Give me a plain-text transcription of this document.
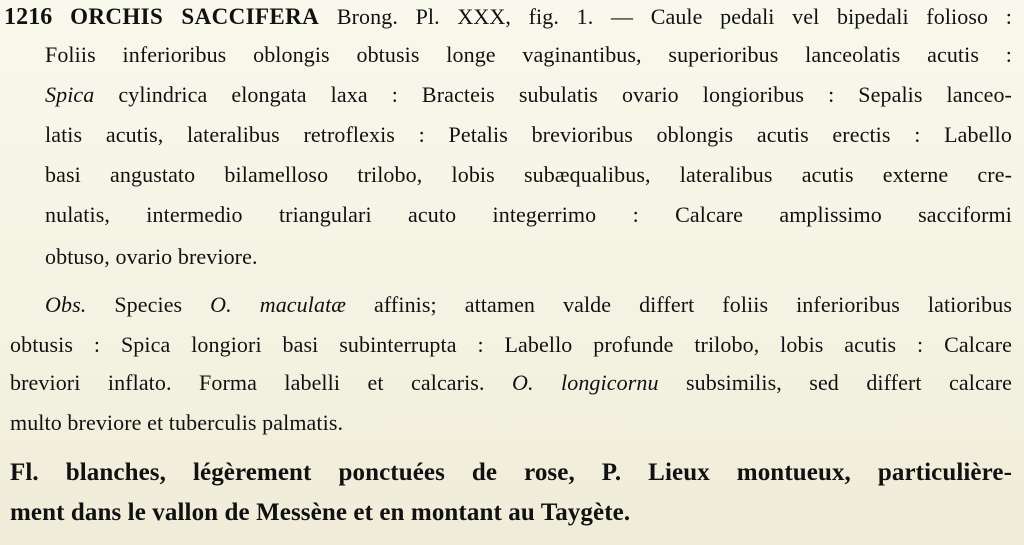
1216 ORCHIS SACCIFERA Brong. Pl. XXX, fig. 1. — Caule pedali vel bipedali folioso :
Foliis inferioribus oblongis obtusis longe vaginantibus, superioribus lanceolatis acutis :
Spica cylindrica elongata laxa : Bracteis subulatis ovario longioribus : Sepalis lanceo-
latis acutis, lateralibus retroflexis : Petalis brevioribus oblongis acutis erectis : Labello
basi angustato bilamelloso trilobo, lobis subæqualibus, lateralibus acutis externe cre-
nulatis, intermedio triangulari acuto integerrimo : Calcare amplissimo sacciformi
obtuso, ovario breviore.
Obs. Species O. maculatæ affinis; attamen valde differt foliis inferioribus latioribus
obtusis : Spica longiori basi subinterrupta : Labello profunde trilobo, lobis acutis : Calcare
breviori inflato. Forma labelli et calcaris. O. longicornu subsimilis, sed differt calcare
multo breviore et tuberculis palmatis.
Fl. blanches, légèrement ponctuées de rose, P. Lieux montueux, particulière-
ment dans le vallon de Messène et en montant au Taygète.
